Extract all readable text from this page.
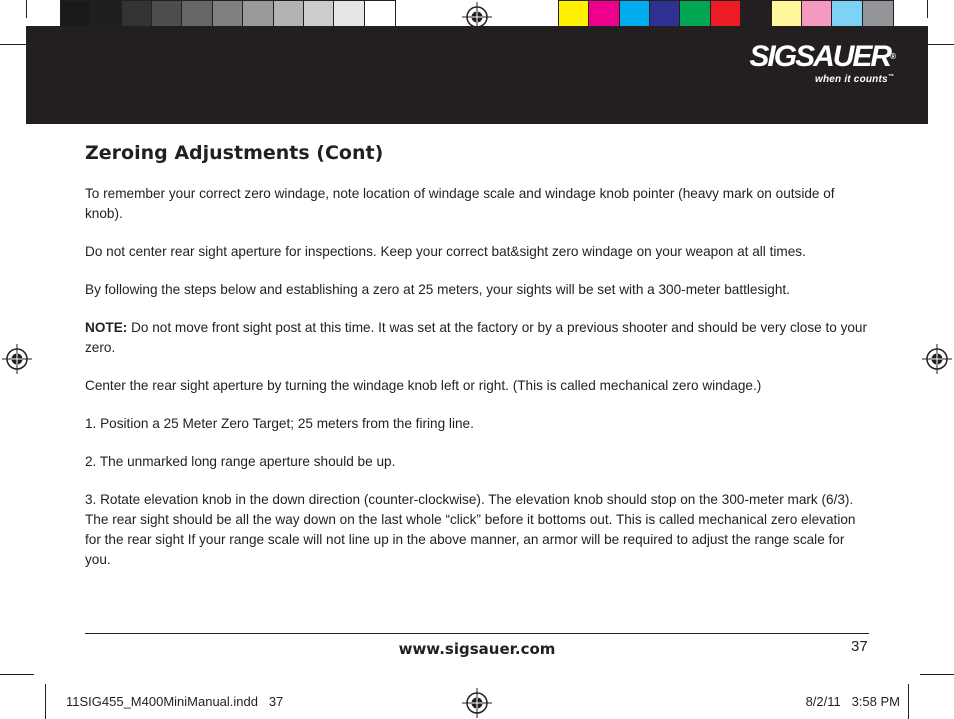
SIGSAUER®
when it counts™
Zeroing Adjustments (Cont)

To remember your correct zero windage, note location of windage scale and windage knob pointer (heavy mark on outside of knob).

Do not center rear sight aperture for inspections. Keep your correct bat&sight zero windage on your weapon at all times.

By following the steps below and establishing a zero at 25 meters, your sights will be set with a 300-meter battlesight.

NOTE: Do not move front sight post at this time. It was set at the factory or by a previous shooter and should be very close to your zero.

Center the rear sight aperture by turning the windage knob left or right. (This is called mechanical zero windage.)

1. Position a 25 Meter Zero Target; 25 meters from the firing line.

2. The unmarked long range aperture should be up.

3. Rotate elevation knob in the down direction (counter-clockwise). The elevation knob should stop on the 300-meter mark (6/3). The rear sight should be all the way down on the last whole “click” before it bottoms out. This is called mechanical zero elevation for the rear sight If your range scale will not line up in the above manner, an armor will be required to adjust the range scale for you.

www.sigsauer.com	37
11SIG455_M400MiniManual.indd   37	8/2/11   3:58 PM
